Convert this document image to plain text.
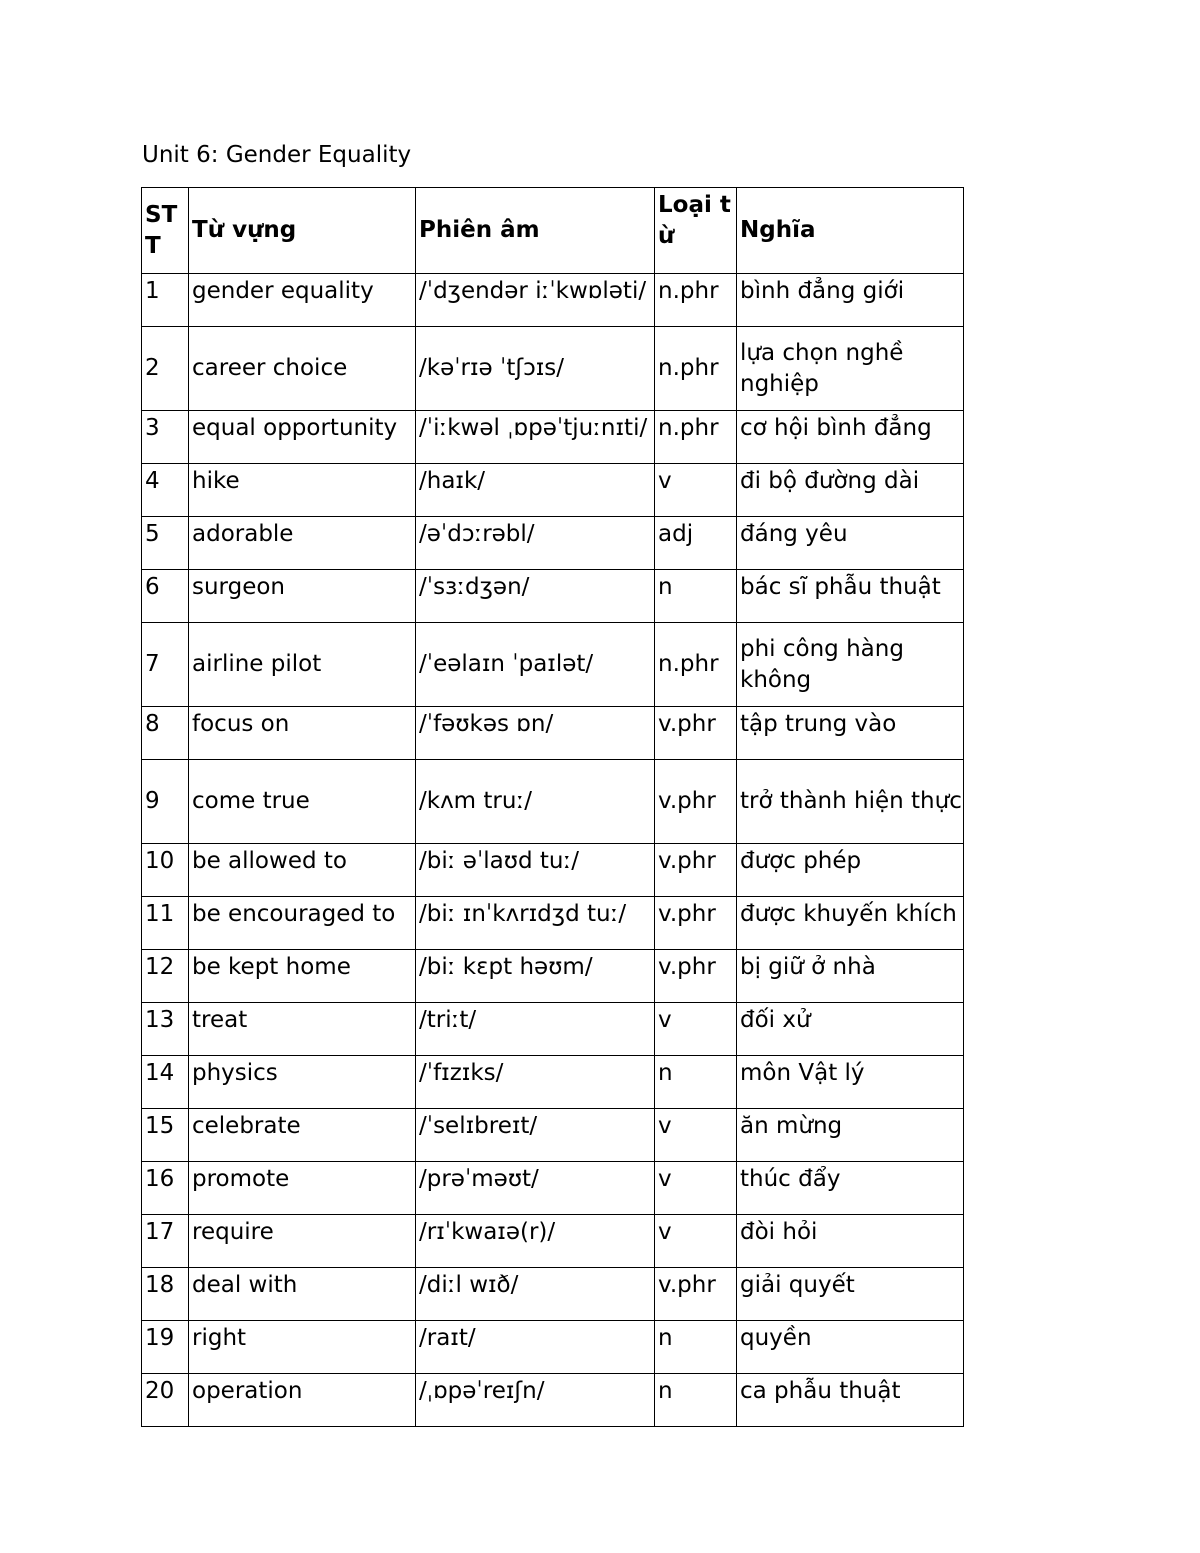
Unit 6: Gender Equality
STT	Từ vựng	Phiên âm	Loại từ	Nghĩa
1	gender equality	/ˈdʒendər iːˈkwɒləti/	n.phr	bình đẳng giới
2	career choice	/kəˈrɪə ˈtʃɔɪs/	n.phr	lựa chọn nghề nghiệp
3	equal opportunity	/ˈiːkwəl ˌɒpəˈtjuːnɪti/	n.phr	cơ hội bình đẳng
4	hike	/haɪk/	v	đi bộ đường dài
5	adorable	/əˈdɔːrəbl/	adj	đáng yêu
6	surgeon	/ˈsɜːdʒən/	n	bác sĩ phẫu thuật
7	airline pilot	/ˈeəlaɪn ˈpaɪlət/	n.phr	phi công hàng không
8	focus on	/ˈfəʊkəs ɒn/	v.phr	tập trung vào
9	come true	/kʌm truː/	v.phr	trở thành hiện thực
10	be allowed to	/biː əˈlaʊd tuː/	v.phr	được phép
11	be encouraged to	/biː ɪnˈkʌrɪdʒd tuː/	v.phr	được khuyến khích
12	be kept home	/biː kɛpt həʊm/	v.phr	bị giữ ở nhà
13	treat	/triːt/	v	đối xử
14	physics	/ˈfɪzɪks/	n	môn Vật lý
15	celebrate	/ˈselɪbreɪt/	v	ăn mừng
16	promote	/prəˈməʊt/	v	thúc đẩy
17	require	/rɪˈkwaɪə(r)/	v	đòi hỏi
18	deal with	/diːl wɪð/	v.phr	giải quyết
19	right	/raɪt/	n	quyền
20	operation	/ˌɒpəˈreɪʃn/	n	ca phẫu thuật
